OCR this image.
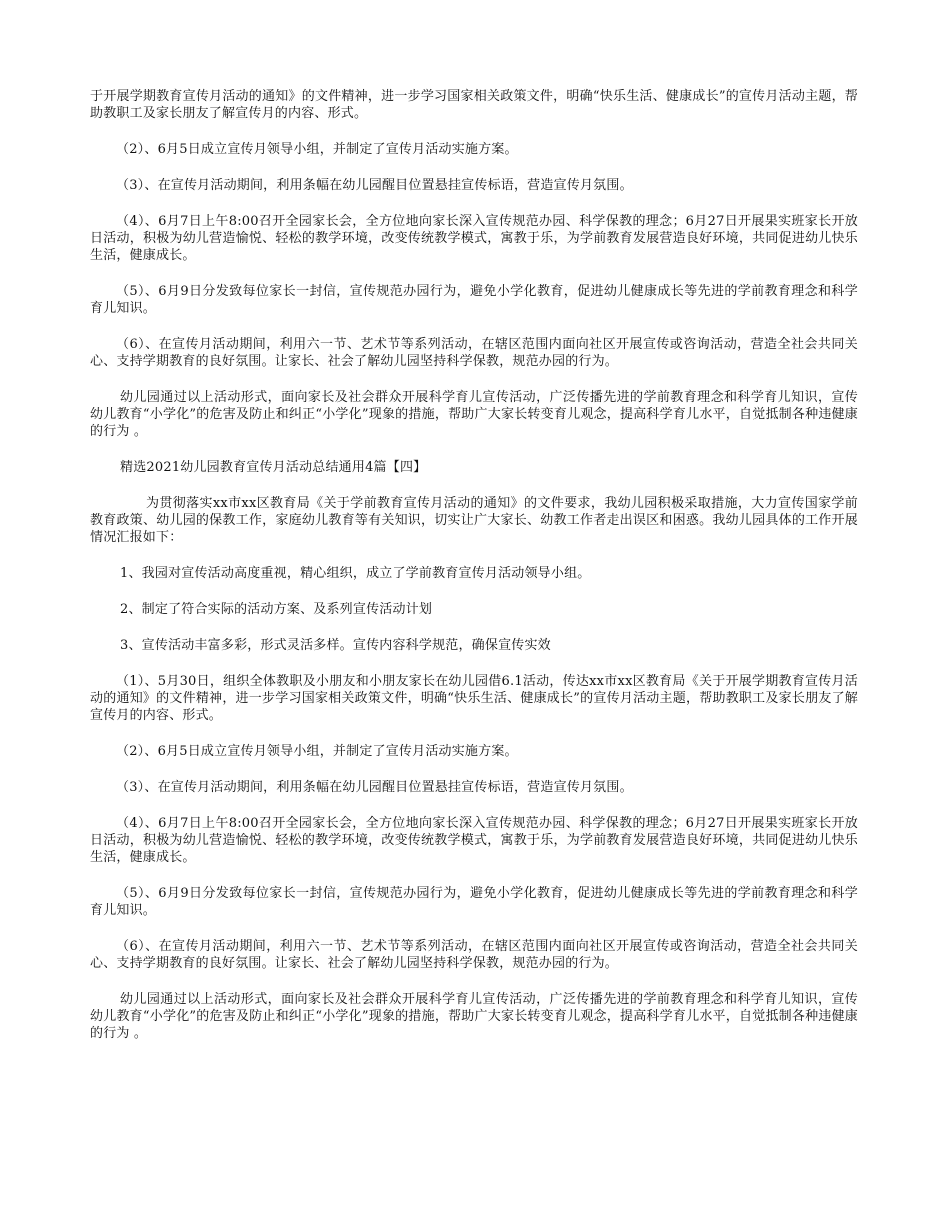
于开展学期教育宣传月活动的通知》的文件精神，进一步学习国家相关政策文件，明确“快乐生活、健康成长”的宣传月活动主题，帮助教职工及家长朋友了解宣传月的内容、形式。

（2）、6月5日成立宣传月领导小组，并制定了宣传月活动实施方案。

（3）、在宣传月活动期间，利用条幅在幼儿园醒目位置悬挂宣传标语，营造宣传月氛围。

（4）、6月7日上午8:00召开全园家长会，全方位地向家长深入宣传规范办园、科学保教的理念；6月27日开展果实班家长开放日活动，积极为幼儿营造愉悦、轻松的教学环境，改变传统教学模式，寓教于乐，为学前教育发展营造良好环境，共同促进幼儿快乐生活，健康成长。

（5）、6月9日分发致每位家长一封信，宣传规范办园行为，避免小学化教育，促进幼儿健康成长等先进的学前教育理念和科学育儿知识。

（6）、在宣传月活动期间，利用六一节、艺术节等系列活动，在辖区范围内面向社区开展宣传或咨询活动，营造全社会共同关心、支持学期教育的良好氛围。让家长、社会了解幼儿园坚持科学保教，规范办园的行为。

幼儿园通过以上活动形式，面向家长及社会群众开展科学育儿宣传活动，广泛传播先进的学前教育理念和科学育儿知识，宣传幼儿教育“小学化”的危害及防止和纠正“小学化”现象的措施，帮助广大家长转变育儿观念，提高科学育儿水平，自觉抵制各种违健康的行为 。

精选2021幼儿园教育宣传月活动总结通用4篇【四】

为贯彻落实xx市xx区教育局《关于学前教育宣传月活动的通知》的文件要求，我幼儿园积极采取措施，大力宣传国家学前教育政策、幼儿园的保教工作，家庭幼儿教育等有关知识，切实让广大家长、幼教工作者走出误区和困惑。我幼儿园具体的工作开展情况汇报如下：

1、我园对宣传活动高度重视，精心组织，成立了学前教育宣传月活动领导小组。

2、制定了符合实际的活动方案、及系列宣传活动计划

3、宣传活动丰富多彩，形式灵活多样。宣传内容科学规范，确保宣传实效

（1）、5月30日，组织全体教职及小朋友和小朋友家长在幼儿园借6.1活动，传达xx市xx区教育局《关于开展学期教育宣传月活动的通知》的文件精神，进一步学习国家相关政策文件，明确“快乐生活、健康成长”的宣传月活动主题，帮助教职工及家长朋友了解宣传月的内容、形式。

（2）、6月5日成立宣传月领导小组，并制定了宣传月活动实施方案。

（3）、在宣传月活动期间，利用条幅在幼儿园醒目位置悬挂宣传标语，营造宣传月氛围。

（4）、6月7日上午8:00召开全园家长会，全方位地向家长深入宣传规范办园、科学保教的理念；6月27日开展果实班家长开放日活动，积极为幼儿营造愉悦、轻松的教学环境，改变传统教学模式，寓教于乐，为学前教育发展营造良好环境，共同促进幼儿快乐生活，健康成长。

（5）、6月9日分发致每位家长一封信，宣传规范办园行为，避免小学化教育，促进幼儿健康成长等先进的学前教育理念和科学育儿知识。

（6）、在宣传月活动期间，利用六一节、艺术节等系列活动，在辖区范围内面向社区开展宣传或咨询活动，营造全社会共同关心、支持学期教育的良好氛围。让家长、社会了解幼儿园坚持科学保教，规范办园的行为。

幼儿园通过以上活动形式，面向家长及社会群众开展科学育儿宣传活动，广泛传播先进的学前教育理念和科学育儿知识，宣传幼儿教育“小学化”的危害及防止和纠正“小学化”现象的措施，帮助广大家长转变育儿观念，提高科学育儿水平，自觉抵制各种违健康的行为 。
